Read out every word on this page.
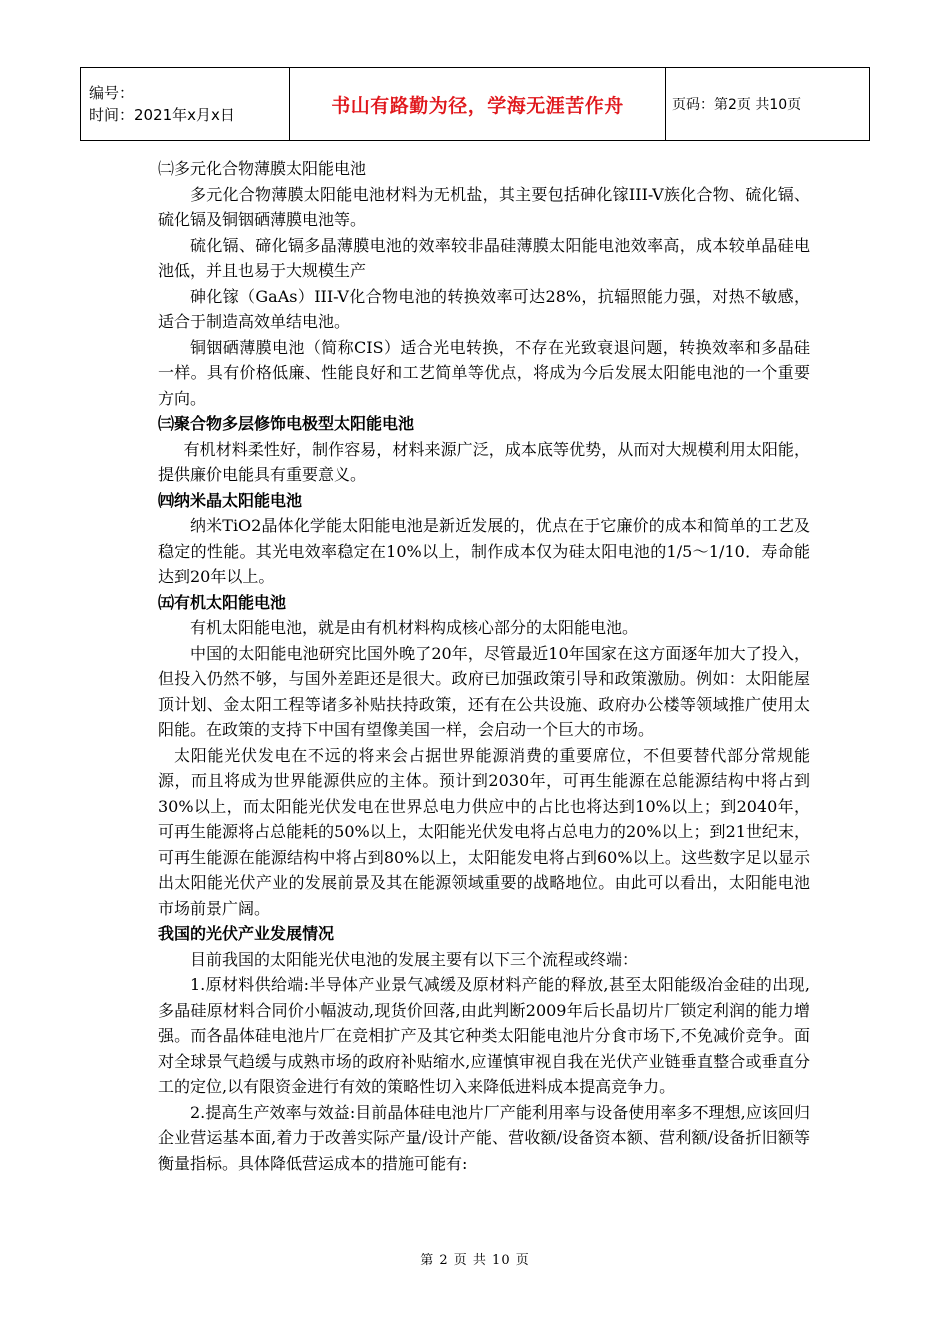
编号：
时间：2021年x月x日	书山有路勤为径，学海无涯苦作舟	页码：第2页 共10页

㈡多元化合物薄膜太阳能电池

多元化合物薄膜太阳能电池材料为无机盐，其主要包括砷化镓III-V族化合物、硫化镉、硫化镉及铜铟硒薄膜电池等。

硫化镉、碲化镉多晶薄膜电池的效率较非晶硅薄膜太阳能电池效率高，成本较单晶硅电池低，并且也易于大规模生产

砷化镓（GaAs）III-V化合物电池的转换效率可达28%，抗辐照能力强，对热不敏感，适合于制造高效单结电池。

铜铟硒薄膜电池（简称CIS）适合光电转换，不存在光致衰退问题，转换效率和多晶硅一样。具有价格低廉、性能良好和工艺简单等优点，将成为今后发展太阳能电池的一个重要方向。

㈢聚合物多层修饰电极型太阳能电池

有机材料柔性好，制作容易，材料来源广泛，成本底等优势，从而对大规模利用太阳能，提供廉价电能具有重要意义。

㈣纳米晶太阳能电池

纳米TiO2晶体化学能太阳能电池是新近发展的，优点在于它廉价的成本和简单的工艺及稳定的性能。其光电效率稳定在10%以上，制作成本仅为硅太阳电池的1/5～1/10．寿命能达到20年以上。

㈤有机太阳能电池

有机太阳能电池，就是由有机材料构成核心部分的太阳能电池。

中国的太阳能电池研究比国外晚了20年，尽管最近10年国家在这方面逐年加大了投入，但投入仍然不够，与国外差距还是很大。政府已加强政策引导和政策激励。例如：太阳能屋顶计划、金太阳工程等诸多补贴扶持政策，还有在公共设施、政府办公楼等领域推广使用太阳能。在政策的支持下中国有望像美国一样，会启动一个巨大的市场。

太阳能光伏发电在不远的将来会占据世界能源消费的重要席位，不但要替代部分常规能源，而且将成为世界能源供应的主体。预计到2030年，可再生能源在总能源结构中将占到30%以上，而太阳能光伏发电在世界总电力供应中的占比也将达到10%以上；到2040年，可再生能源将占总能耗的50%以上，太阳能光伏发电将占总电力的20%以上；到21世纪末，可再生能源在能源结构中将占到80%以上，太阳能发电将占到60%以上。这些数字足以显示出太阳能光伏产业的发展前景及其在能源领域重要的战略地位。由此可以看出，太阳能电池市场前景广阔。

我国的光伏产业发展情况

目前我国的太阳能光伏电池的发展主要有以下三个流程或终端：

1.原材料供给端:半导体产业景气减缓及原材料产能的释放,甚至太阳能级冶金硅的出现,多晶硅原材料合同价小幅波动,现货价回落,由此判断2009年后长晶切片厂锁定利润的能力增强。而各晶体硅电池片厂在竞相扩产及其它种类太阳能电池片分食市场下,不免减价竞争。面对全球景气趋缓与成熟市场的政府补贴缩水,应谨慎审视自我在光伏产业链垂直整合或垂直分工的定位,以有限资金进行有效的策略性切入来降低进料成本提高竞争力。

2.提高生产效率与效益:目前晶体硅电池片厂产能利用率与设备使用率多不理想,应该回归企业营运基本面,着力于改善实际产量/设计产能、营收额/设备资本额、营利额/设备折旧额等衡量指标。具体降低营运成本的措施可能有:

第 2 页 共 10 页
